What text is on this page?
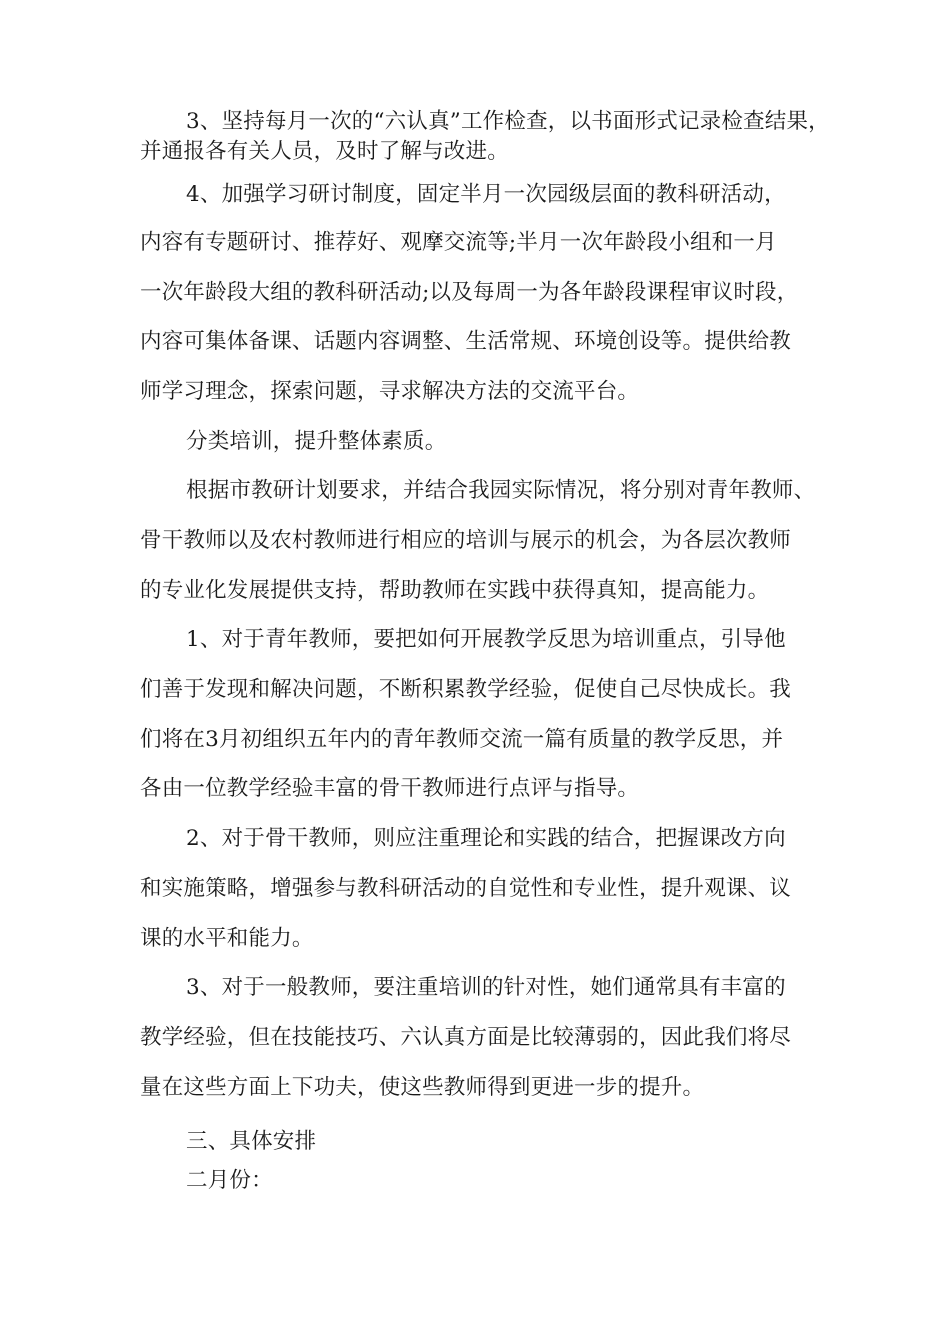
3、坚持每月一次的“六认真”工作检查，以书面形式记录检查结果，
并通报各有关人员，及时了解与改进。
4、加强学习研讨制度，固定半月一次园级层面的教科研活动，
内容有专题研讨、推荐好、观摩交流等;半月一次年龄段小组和一月
一次年龄段大组的教科研活动;以及每周一为各年龄段课程审议时段，
内容可集体备课、话题内容调整、生活常规、环境创设等。提供给教
师学习理念，探索问题，寻求解决方法的交流平台。
分类培训，提升整体素质。
根据市教研计划要求，并结合我园实际情况，将分别对青年教师、
骨干教师以及农村教师进行相应的培训与展示的机会，为各层次教师
的专业化发展提供支持，帮助教师在实践中获得真知，提高能力。
1、对于青年教师，要把如何开展教学反思为培训重点，引导他
们善于发现和解决问题，不断积累教学经验，促使自己尽快成长。我
们将在3月初组织五年内的青年教师交流一篇有质量的教学反思，并
各由一位教学经验丰富的骨干教师进行点评与指导。
2、对于骨干教师，则应注重理论和实践的结合，把握课改方向
和实施策略，增强参与教科研活动的自觉性和专业性，提升观课、议
课的水平和能力。
3、对于一般教师，要注重培训的针对性，她们通常具有丰富的
教学经验，但在技能技巧、六认真方面是比较薄弱的，因此我们将尽
量在这些方面上下功夫，使这些教师得到更进一步的提升。
三、具体安排
二月份：
